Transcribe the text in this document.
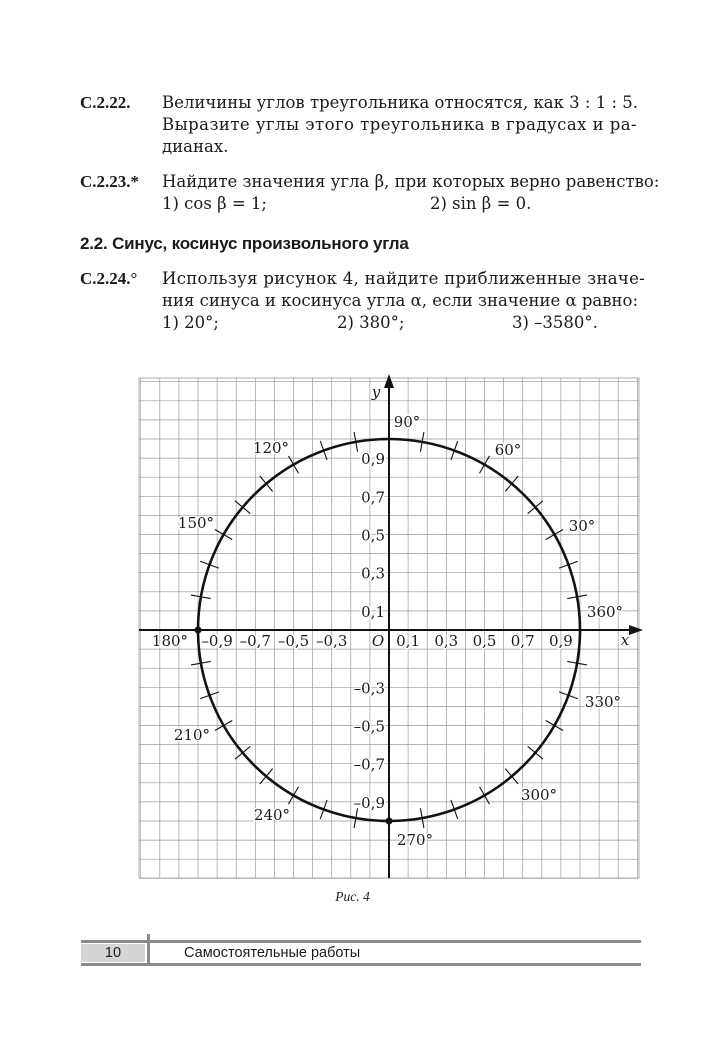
С.2.22. Величины углов треугольника относятся, как 3 : 1 : 5.
Выразите углы этого треугольника в градусах и ра-
дианах.
С.2.23.* Найдите значения угла β, при которых верно равенство:
1) cos β = 1;	2) sin β = 0.
2.2. Синус, косинус произвольного угла
С.2.24.° Используя рисунок 4, найдите приближенные значе-
ния синуса и косинуса угла α, если значение α равно:
1) 20°;	2) 380°;	3) –3580°.
0,1
0,1
0,3
0,3
0,5
0,5
0,7
0,7
0,9
0,9
–0,9 –0,7 –0,5 –0,3
–0,3
–0,5
–0,7
–0,9
x
y
O
30°
60°
90°
120°
150°
180°
210°
240°
270°
300°
330°
360°
Рис. 4
10	Самостоятельные работы
